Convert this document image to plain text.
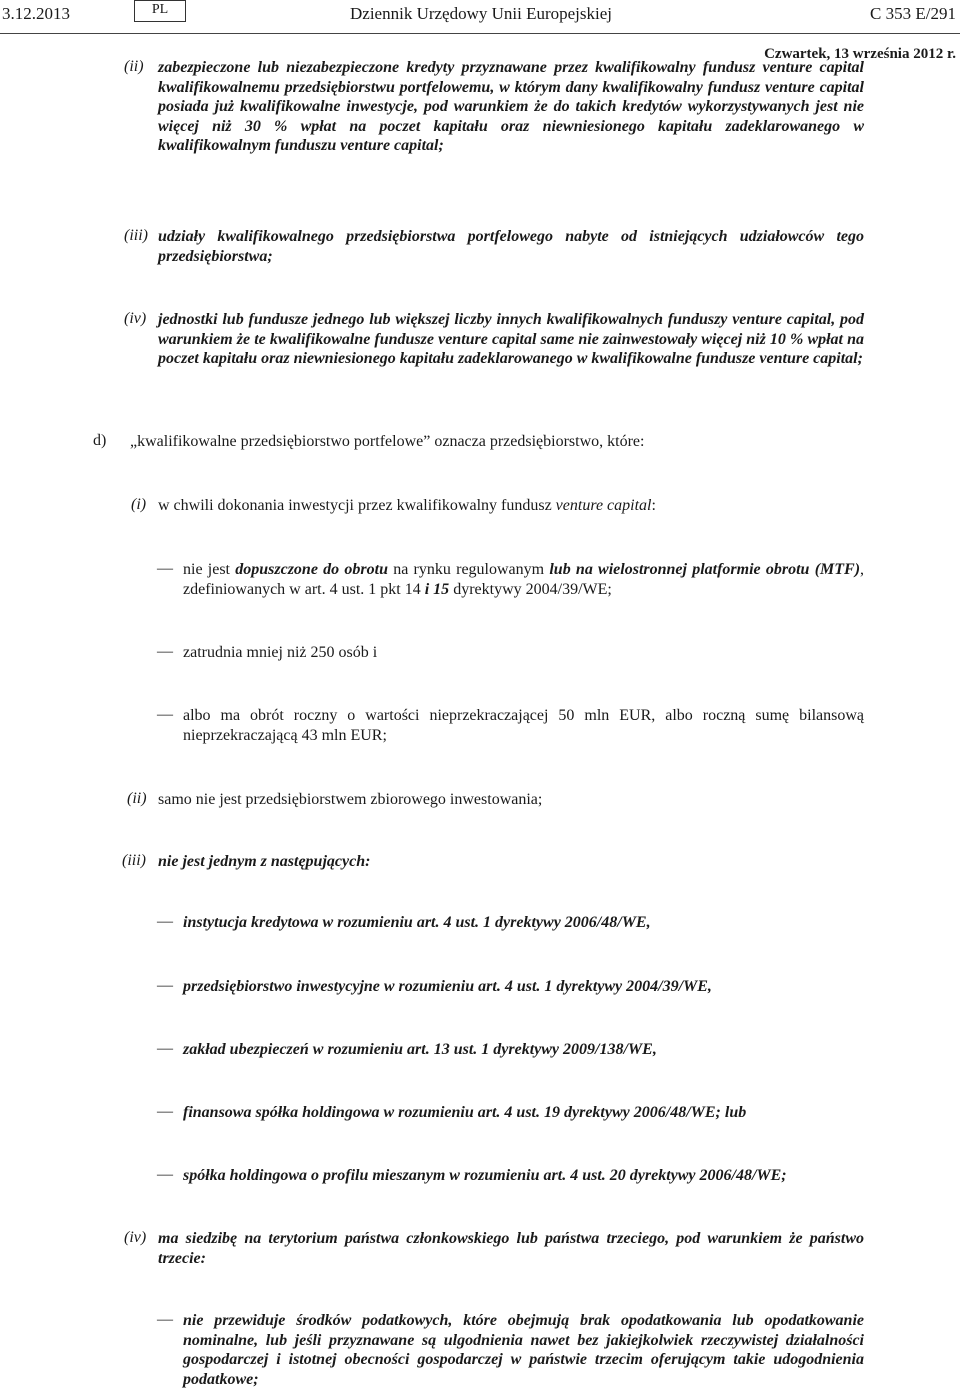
3.12.2013	PL	Dziennik Urzędowy Unii Europejskiej	C 353 E/291
Czwartek, 13 września 2012 r.
(ii) zabezpieczone lub niezabezpieczone kredyty przyznawane przez kwalifikowalny fundusz venture capital kwalifikowalnemu przedsiębiorstwu portfelowemu, w którym dany kwalifikowalny fundusz venture capital posiada już kwalifikowalne inwestycje, pod warunkiem że do takich kredytów wykorzystywanych jest nie więcej niż 30 % wpłat na poczet kapitału oraz niewniesionego kapitału zadeklarowanego w kwalifikowalnym funduszu venture capital;
(iii) udziały kwalifikowalnego przedsiębiorstwa portfelowego nabyte od istniejących udziałowców tego przedsiębiorstwa;
(iv) jednostki lub fundusze jednego lub większej liczby innych kwalifikowalnych funduszy venture capital, pod warunkiem że te kwalifikowalne fundusze venture capital same nie zainwestowały więcej niż 10 % wpłat na poczet kapitału oraz niewniesionego kapitału zadeklarowanego w kwalifikowalne fundusze venture capital;
d) „kwalifikowalne przedsiębiorstwo portfelowe” oznacza przedsiębiorstwo, które:
(i) w chwili dokonania inwestycji przez kwalifikowalny fundusz venture capital:
— nie jest dopuszczone do obrotu na rynku regulowanym lub na wielostronnej platformie obrotu (MTF), zdefiniowanych w art. 4 ust. 1 pkt 14 i 15 dyrektywy 2004/39/WE;
— zatrudnia mniej niż 250 osób i
— albo ma obrót roczny o wartości nieprzekraczającej 50 mln EUR, albo roczną sumę bilansową nieprzekraczającą 43 mln EUR;
(ii) samo nie jest przedsiębiorstwem zbiorowego inwestowania;
(iii) nie jest jednym z następujących:
— instytucja kredytowa w rozumieniu art. 4 ust. 1 dyrektywy 2006/48/WE,
— przedsiębiorstwo inwestycyjne w rozumieniu art. 4 ust. 1 dyrektywy 2004/39/WE,
— zakład ubezpieczeń w rozumieniu art. 13 ust. 1 dyrektywy 2009/138/WE,
— finansowa spółka holdingowa w rozumieniu art. 4 ust. 19 dyrektywy 2006/48/WE; lub
— spółka holdingowa o profilu mieszanym w rozumieniu art. 4 ust. 20 dyrektywy 2006/48/WE;
(iv) ma siedzibę na terytorium państwa członkowskiego lub państwa trzeciego, pod warunkiem że państwo trzecie:
— nie przewiduje środków podatkowych, które obejmują brak opodatkowania lub opodatkowanie nominalne, lub jeśli przyznawane są ulgodnienia nawet bez jakiejkolwiek rzeczywistej działalności gospodarczej i istotnej obecności gospodarczej w państwie trzecim oferującym takie udogodnienia podatkowe;
